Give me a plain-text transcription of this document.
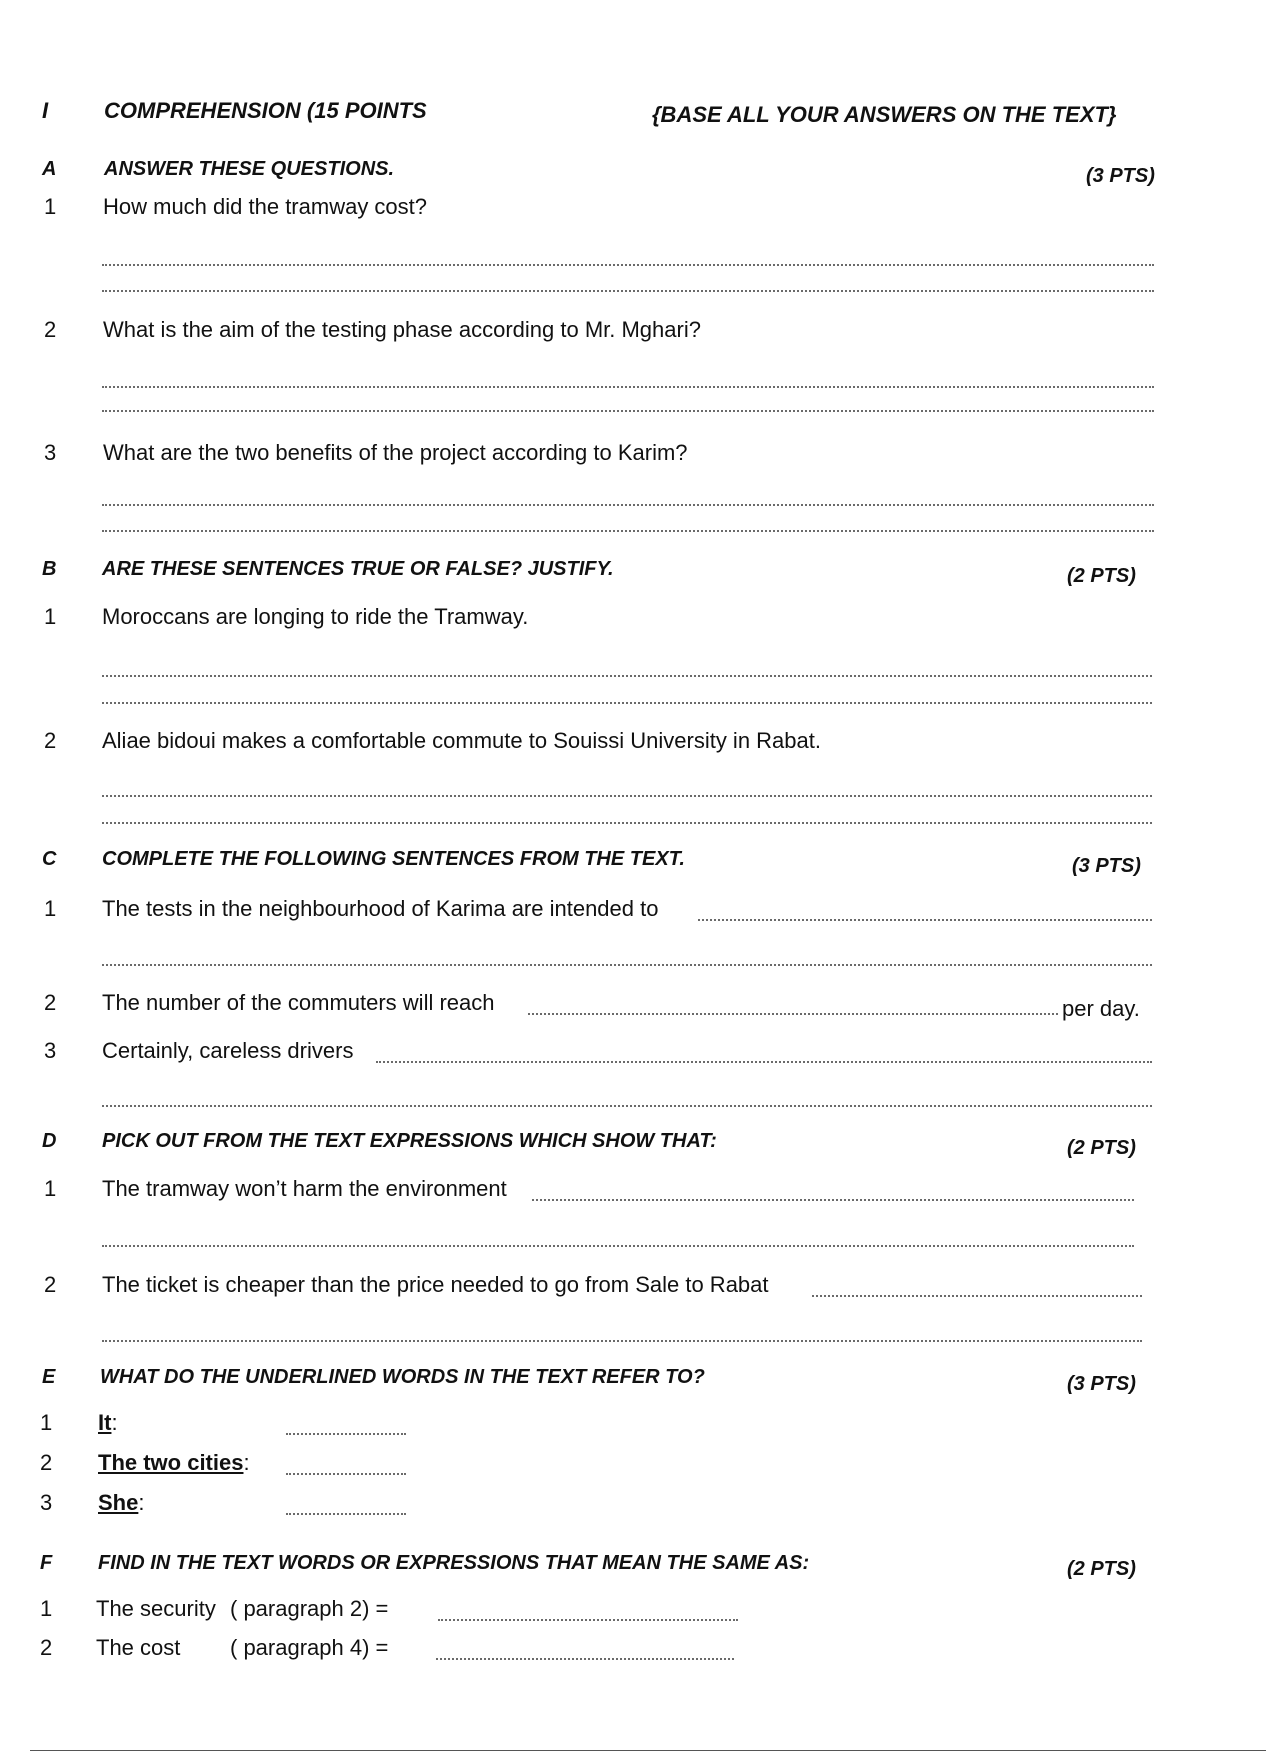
I	COMPREHENSION (15 POINTS	{BASE ALL YOUR ANSWERS ON THE TEXT}
A ANSWER THESE QUESTIONS.	(3 PTS)
1 How much did the tramway cost?
2 What is the aim of the testing phase according to Mr. Mghari?
3 What are the two benefits of the project according to Karim?
B ARE THESE SENTENCES TRUE OR FALSE? JUSTIFY.	(2 PTS)
1 Moroccans are longing to ride the Tramway.
2 Aliae bidoui makes a comfortable commute to Souissi University in Rabat.
C COMPLETE THE FOLLOWING SENTENCES FROM THE TEXT.	(3 PTS)
1 The tests in the neighbourhood of Karima are intended to
2 The number of the commuters will reach	per day.
3 Certainly, careless drivers
D PICK OUT FROM THE TEXT EXPRESSIONS WHICH SHOW THAT:	(2 PTS)
1 The tramway won’t harm the environment
2 The ticket is cheaper than the price needed to go from Sale to Rabat
E WHAT DO THE UNDERLINED WORDS IN THE TEXT REFER TO?	(3 PTS)
1 It:
2 The two cities:
3 She:
F FIND IN THE TEXT WORDS OR EXPRESSIONS THAT MEAN THE SAME AS:	(2 PTS)
1 The security ( paragraph 2) =
2 The cost ( paragraph 4) =
